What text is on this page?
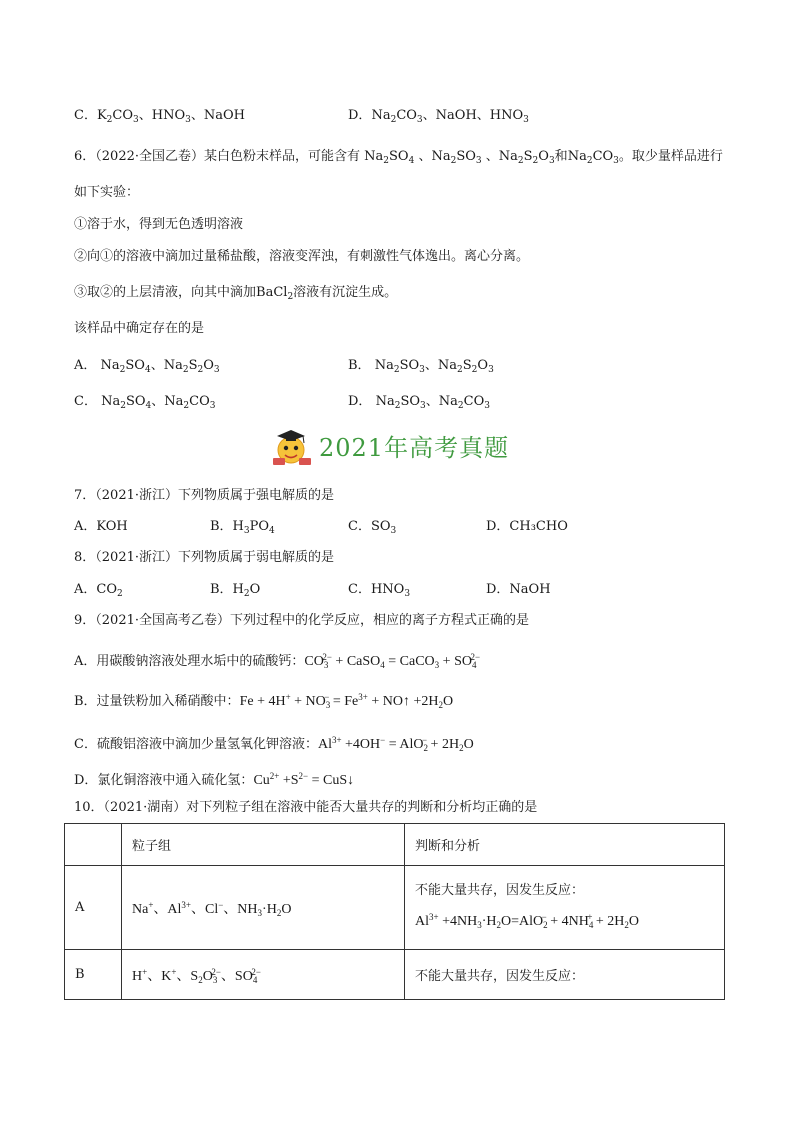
C．$K_2CO_3$、$HNO_3$、NaOH	D．$Na_2CO_3$、NaOH、$HNO_3$
6．（2022·全国乙卷）某白色粉末样品，可能含有 $Na_2SO_4$ 、$Na_2SO_3$ 、$Na_2S_2O_3$和$Na_2CO_3$。取少量样品进行
如下实验：
①溶于水，得到无色透明溶液
②向①的溶液中滴加过量稀盐酸，溶液变浑浊，有刺激性气体逸出。离心分离。
③取②的上层清液，向其中滴加BaCl$_2$溶液有沉淀生成。
该样品中确定存在的是
A． $Na_2SO_4$、$Na_2S_2O_3$	B． $Na_2SO_3$、$Na_2S_2O_3$
C． $Na_2SO_4$、$Na_2CO_3$	D． $Na_2SO_3$、$Na_2CO_3$
2021年高考真题
7．（2021·浙江）下列物质属于强电解质的是
A．KOH	B．$H_3PO_4$	C．$SO_3$	D．CH₃CHO
8．（2021·浙江）下列物质属于弱电解质的是
A．$CO_2$	B．$H_2O$	C．$HNO_3$	D．NaOH
9．（2021·全国高考乙卷）下列过程中的化学反应，相应的离子方程式正确的是
A．用碳酸钠溶液处理水垢中的硫酸钙：$CO_3^{2-}$ + CaSO$_4$ = CaCO$_3$ + $SO_4^{2-}$
B．过量铁粉加入稀硝酸中：$Fe + 4H^+ + NO_3^- = Fe^{3+}$ + NO↑ $+2H_2O$
C．硫酸铝溶液中滴加少量氢氧化钾溶液：$Al^{3+} +4OH^- = AlO_2^- + 2H_2O$
D．氯化铜溶液中通入硫化氢：$Cu^{2+} +S^{2-}$ = CuS↓
10．（2021·湖南）对下列粒子组在溶液中能否大量共存的判断和分析均正确的是
	粒子组	判断和分析
A	Na+、$Al^{3+}$、Cl−、$NH_3\cdot H_2O$	不能大量共存，因发生反应：
$Al^{3+} +4NH_3\cdot H_2O=AlO_2^- + 4NH_4^+ + 2H_2O$

B	H+、K+、$S_2O_3^{2-}$、$SO_4^{2-}$	不能大量共存，因发生反应：
